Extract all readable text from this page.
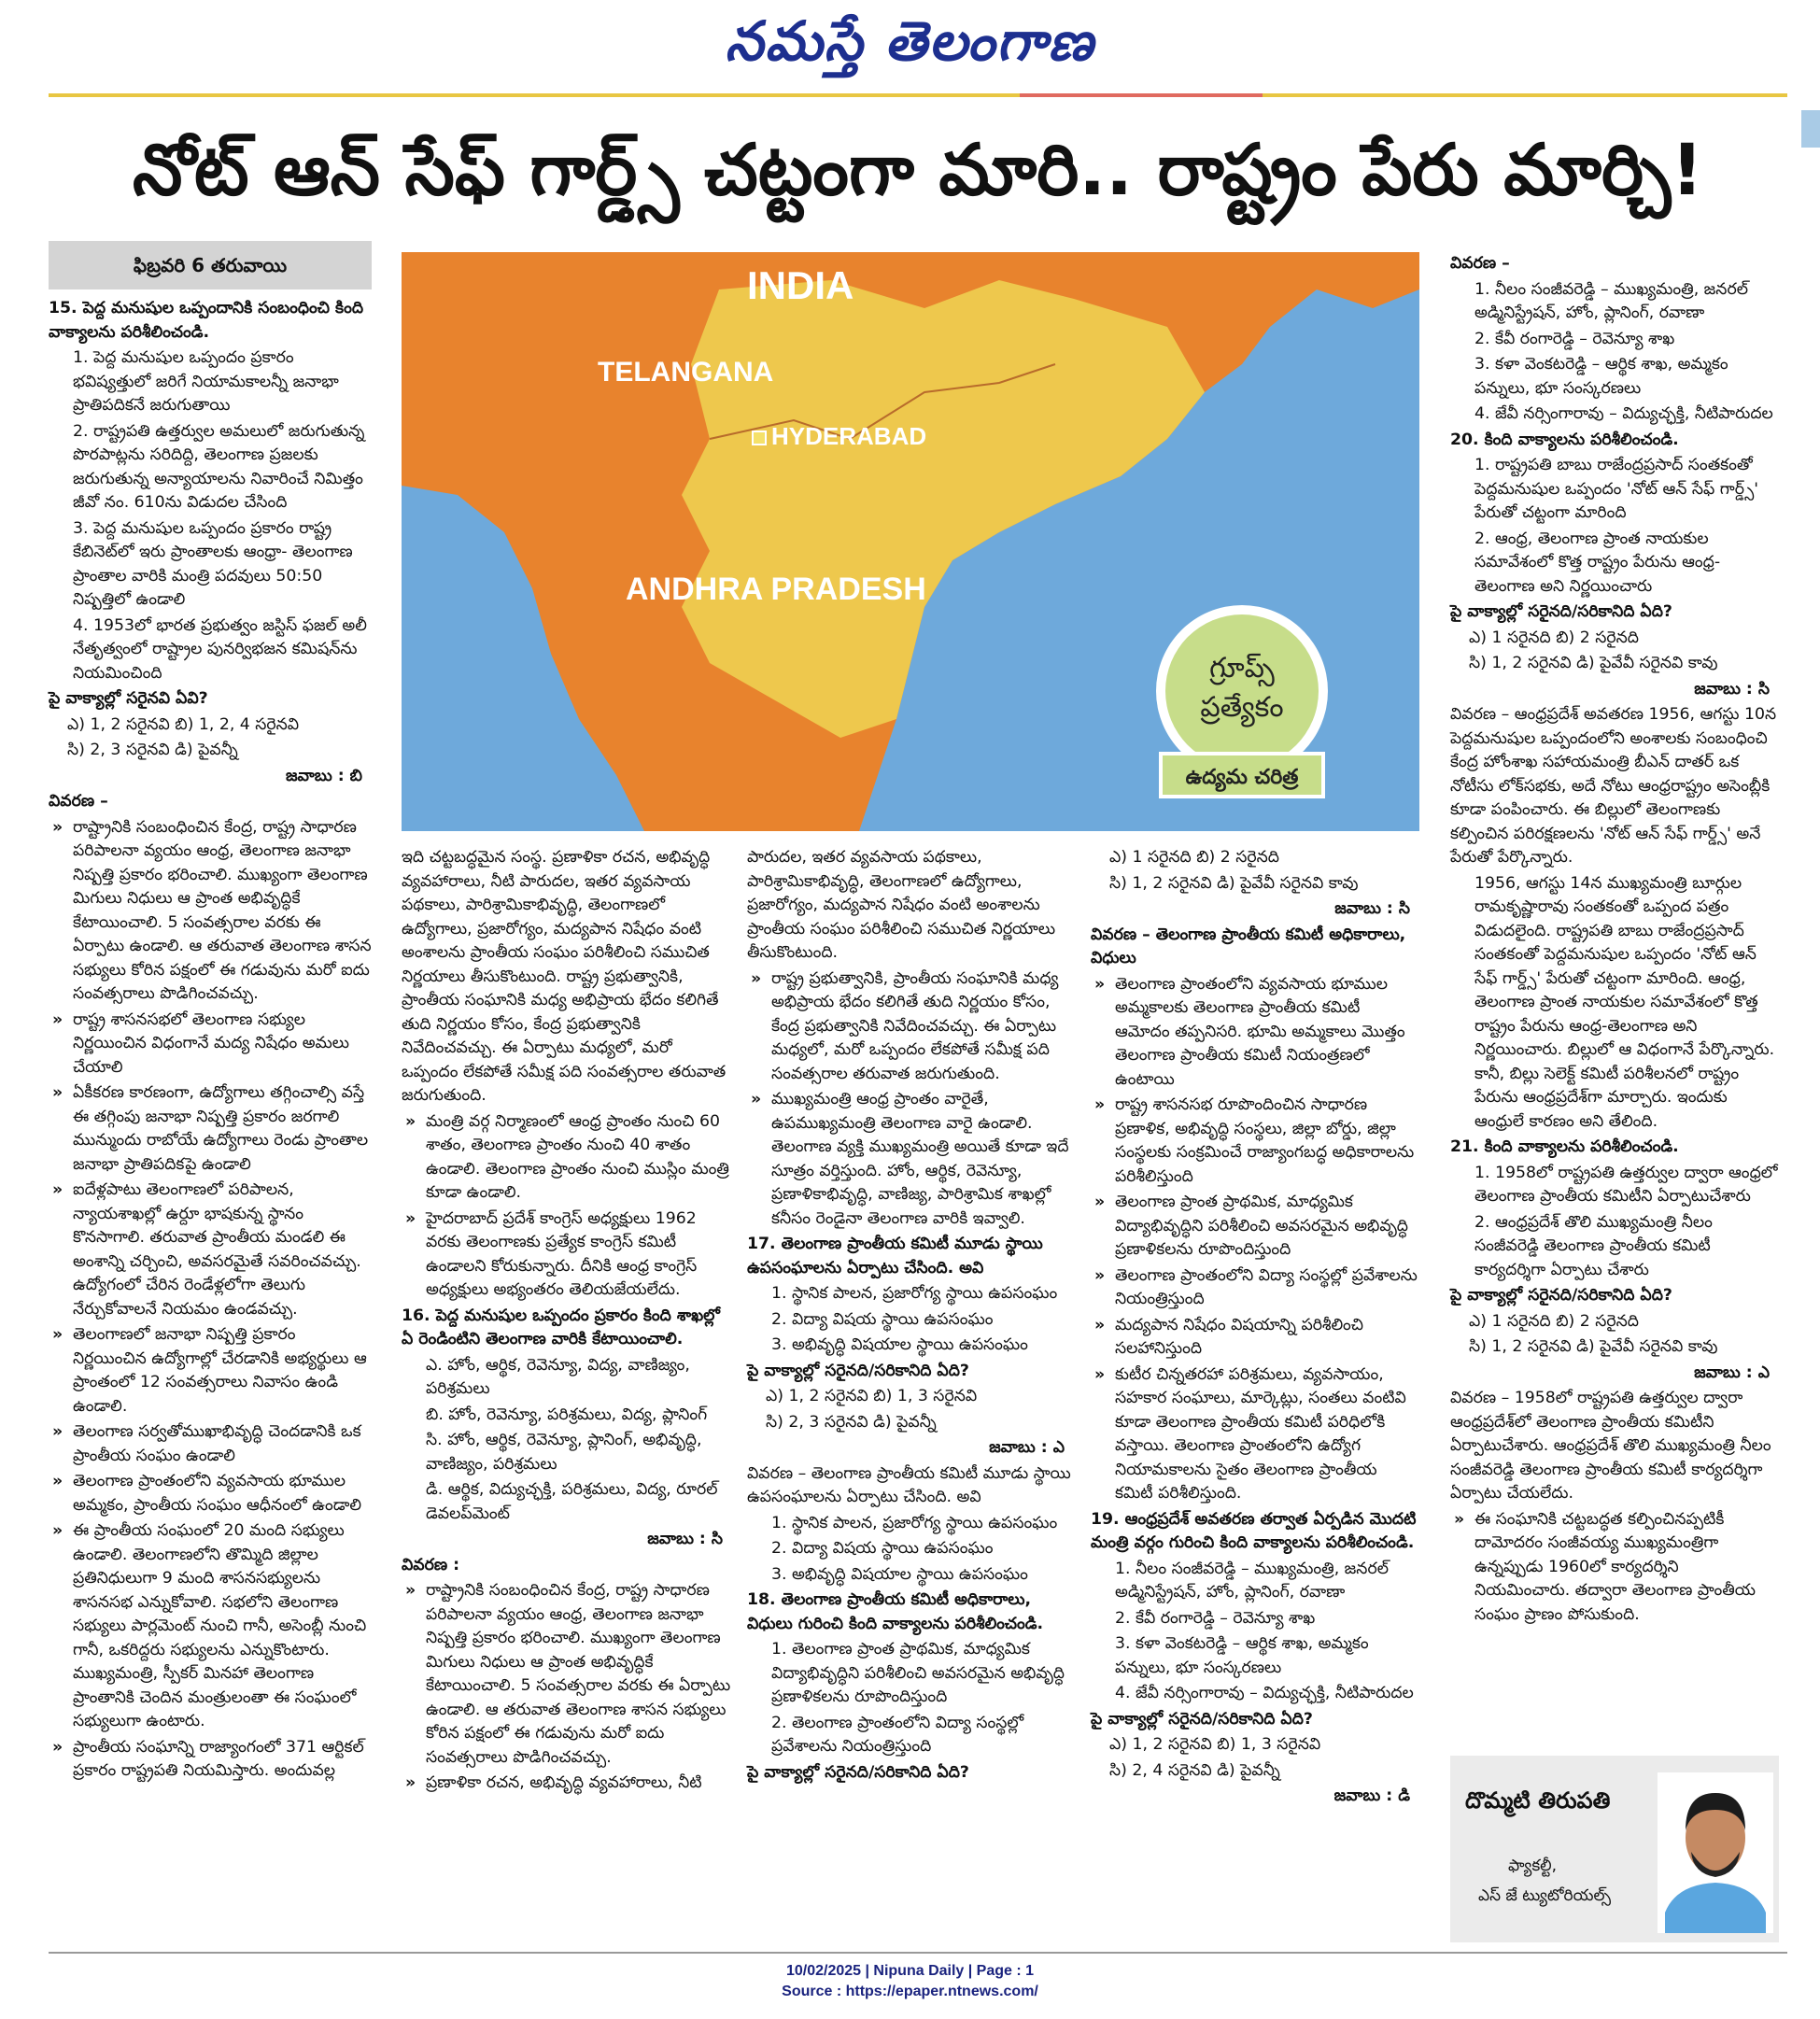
నమస్తే తెలంగాణ
నోట్ ఆన్ సేఫ్ గార్డ్స్ చట్టంగా మారి.. రాష్ట్రం పేరు మార్చి!
ఫిబ్రవరి 6 తరువాయి

15. పెద్ద మనుషుల ఒప్పందానికి సంబంధించి కింది వాక్యాలను పరిశీలించండి.

1. పెద్ద మనుషుల ఒప్పందం ప్రకారం భవిష్యత్తులో జరిగే నియామకాలన్నీ జనాభా ప్రాతిపదికనే జరుగుతాయి

2. రాష్ట్రపతి ఉత్తర్వుల అమలులో జరుగుతున్న పొరపాట్లను సరిదిద్ది, తెలంగాణ ప్రజలకు జరుగుతున్న అన్యాయాలను నివారించే నిమిత్తం జీవో నం. 610ను విడుదల చేసింది

3. పెద్ద మనుషుల ఒప్పందం ప్రకారం రాష్ట్ర కేబినెట్‌లో ఇరు ప్రాంతాలకు ఆంధ్రా- తెలంగాణ ప్రాంతాల వారికి మంత్రి పదవులు 50:50 నిష్పత్తిలో ఉండాలి

4. 1953లో భారత ప్రభుత్వం జస్టిస్ ఫజల్ అలీ నేతృత్వంలో రాష్ట్రాల పునర్విభజన కమిషన్‌ను నియమించింది

పై వాక్యాల్లో సరైనవి ఏవి?

ఎ) 1, 2 సరైనవి బి) 1, 2, 4 సరైనవి

సి) 2, 3 సరైనవి డి) పైవన్నీ

జవాబు : బి

వివరణ –

» రాష్ట్రానికి సంబంధించిన కేంద్ర, రాష్ట్ర సాధారణ పరిపాలనా వ్యయం ఆంధ్ర, తెలంగాణ జనాభా నిష్పత్తి ప్రకారం భరించాలి. ముఖ్యంగా తెలంగాణ మిగులు నిధులు ఆ ప్రాంత అభివృద్ధికే కేటాయించాలి. 5 సంవత్సరాల వరకు ఈ ఏర్పాటు ఉండాలి. ఆ తరువాత తెలంగాణ శాసన సభ్యులు కోరిన పక్షంలో ఈ గడువును మరో ఐదు సంవత్సరాలు పొడిగించవచ్చు.

» రాష్ట్ర శాసనసభలో తెలంగాణ సభ్యుల నిర్ణయించిన విధంగానే మద్య నిషేధం అమలు చేయాలి

» ఏకీకరణ కారణంగా, ఉద్యోగాలు తగ్గించాల్సి వస్తే ఈ తగ్గింపు జనాభా నిష్పత్తి ప్రకారం జరగాలి మున్ముందు రాబోయే ఉద్యోగాలు రెండు ప్రాంతాల జనాభా ప్రాతిపదికపై ఉండాలి

» ఐదేళ్లపాటు తెలంగాణలో పరిపాలన, న్యాయశాఖల్లో ఉర్దూ భాషకున్న స్థానం కొనసాగాలి. తరువాత ప్రాంతీయ మండలి ఈ అంశాన్ని చర్చించి, అవసరమైతే సవరించవచ్చు. ఉద్యోగంలో చేరిన రెండేళ్లలోగా తెలుగు నేర్చుకోవాలనే నియమం ఉండవచ్చు.

» తెలంగాణలో జనాభా నిష్పత్తి ప్రకారం నిర్ణయించిన ఉద్యోగాల్లో చేరడానికి అభ్యర్థులు ఆ ప్రాంతంలో 12 సంవత్సరాలు నివాసం ఉండి ఉండాలి.

» తెలంగాణ సర్వతోముఖాభివృద్ధి చెందడానికి ఒక ప్రాంతీయ సంఘం ఉండాలి

» తెలంగాణ ప్రాంతంలోని వ్యవసాయ భూముల అమ్మకం, ప్రాంతీయ సంఘం ఆధీనంలో ఉండాలి

» ఈ ప్రాంతీయ సంఘంలో 20 మంది సభ్యులు ఉండాలి. తెలంగాణలోని తొమ్మిది జిల్లాల ప్రతినిధులుగా 9 మంది శాసనసభ్యులను శాసనసభ ఎన్నుకోవాలి. సభలోని తెలంగాణ సభ్యులు పార్లమెంట్ నుంచి గానీ, అసెంబ్లీ నుంచి గానీ, ఒకరిద్దరు సభ్యులను ఎన్నుకొంటారు. ముఖ్యమంత్రి, స్పీకర్ మినహా తెలంగాణ ప్రాంతానికి చెందిన మంత్రులంతా ఈ సంఘంలో సభ్యులుగా ఉంటారు.

» ప్రాంతీయ సంఘాన్ని రాజ్యాంగంలో 371 ఆర్టికల్ ప్రకారం రాష్ట్రపతి నియమిస్తారు. అందువల్ల

INDIA
TELANGANA
HYDERABAD
ANDHRA PRADESH
గ్రూప్స్
ప్రత్యేకం
ఉద్యమ చరిత్ర

ఇది చట్టబద్ధమైన సంస్థ. ప్రణాళికా రచన, అభివృద్ధి వ్యవహారాలు, నీటి పారుదల, ఇతర వ్యవసాయ పథకాలు, పారిశ్రామికాభివృద్ధి, తెలంగాణలో ఉద్యోగాలు, ప్రజారోగ్యం, మద్యపాన నిషేధం వంటి అంశాలను ప్రాంతీయ సంఘం పరిశీలించి సముచిత నిర్ణయాలు తీసుకొంటుంది. రాష్ట్ర ప్రభుత్వానికి, ప్రాంతీయ సంఘానికి మధ్య అభిప్రాయ భేదం కలిగితే తుది నిర్ణయం కోసం, కేంద్ర ప్రభుత్వానికి నివేదించవచ్చు. ఈ ఏర్పాటు మధ్యలో, మరో ఒప్పందం లేకపోతే సమీక్ష పది సంవత్సరాల తరువాత జరుగుతుంది.

» మంత్రి వర్గ నిర్మాణంలో ఆంధ్ర ప్రాంతం నుంచి 60 శాతం, తెలంగాణ ప్రాంతం నుంచి 40 శాతం ఉండాలి. తెలంగాణ ప్రాంతం నుంచి ముస్లిం మంత్రి కూడా ఉండాలి.

» హైదరాబాద్ ప్రదేశ్ కాంగ్రెస్ అధ్యక్షులు 1962 వరకు తెలంగాణకు ప్రత్యేక కాంగ్రెస్ కమిటీ ఉండాలని కోరుకున్నారు. దీనికి ఆంధ్ర కాంగ్రెస్ అధ్యక్షులు అభ్యంతరం తెలియజేయలేదు.

16. పెద్ద మనుషుల ఒప్పందం ప్రకారం కింది శాఖల్లో ఏ రెండింటిని తెలంగాణ వారికి కేటాయించాలి.

ఎ. హోం, ఆర్థిక, రెవెన్యూ, విద్య, వాణిజ్యం, పరిశ్రమలు

బి. హోం, రెవెన్యూ, పరిశ్రమలు, విద్య, ప్లానింగ్

సి. హోం, ఆర్థిక, రెవెన్యూ, ప్లానింగ్, అభివృద్ధి, వాణిజ్యం, పరిశ్రమలు

డి. ఆర్థిక, విద్యుచ్ఛక్తి, పరిశ్రమలు, విద్య, రూరల్ డెవలప్‌మెంట్

జవాబు : సి

వివరణ :

» రాష్ట్రానికి సంబంధించిన కేంద్ర, రాష్ట్ర సాధారణ పరిపాలనా వ్యయం ఆంధ్ర, తెలంగాణ జనాభా నిష్పత్తి ప్రకారం భరించాలి. ముఖ్యంగా తెలంగాణ మిగులు నిధులు ఆ ప్రాంత అభివృద్ధికే కేటాయించాలి. 5 సంవత్సరాల వరకు ఈ ఏర్పాటు ఉండాలి. ఆ తరువాత తెలంగాణ శాసన సభ్యులు కోరిన పక్షంలో ఈ గడువును మరో ఐదు సంవత్సరాలు పొడిగించవచ్చు.

» ప్రణాళికా రచన, అభివృద్ధి వ్యవహారాలు, నీటి

పారుదల, ఇతర వ్యవసాయ పథకాలు, పారిశ్రామికాభివృద్ధి, తెలంగాణలో ఉద్యోగాలు, ప్రజారోగ్యం, మద్యపాన నిషేధం వంటి అంశాలను ప్రాంతీయ సంఘం పరిశీలించి సముచిత నిర్ణయాలు తీసుకొంటుంది.

» రాష్ట్ర ప్రభుత్వానికి, ప్రాంతీయ సంఘానికి మధ్య అభిప్రాయ భేదం కలిగితే తుది నిర్ణయం కోసం, కేంద్ర ప్రభుత్వానికి నివేదించవచ్చు. ఈ ఏర్పాటు మధ్యలో, మరో ఒప్పందం లేకపోతే సమీక్ష పది సంవత్సరాల తరువాత జరుగుతుంది.

» ముఖ్యమంత్రి ఆంధ్ర ప్రాంతం వారైతే, ఉపముఖ్యమంత్రి తెలంగాణ వారై ఉండాలి. తెలంగాణ వ్యక్తి ముఖ్యమంత్రి అయితే కూడా ఇదే సూత్రం వర్తిస్తుంది. హోం, ఆర్థిక, రెవెన్యూ, ప్రణాళికాభివృద్ధి, వాణిజ్య, పారిశ్రామిక శాఖల్లో కనీసం రెండైనా తెలంగాణ వారికి ఇవ్వాలి.

17. తెలంగాణ ప్రాంతీయ కమిటీ మూడు స్థాయి ఉపసంఘాలను ఏర్పాటు చేసింది. అవి

1. స్థానిక పాలన, ప్రజారోగ్య స్థాయి ఉపసంఘం

2. విద్యా విషయ స్థాయి ఉపసంఘం

3. అభివృద్ధి విషయాల స్థాయి ఉపసంఘం

పై వాక్యాల్లో సరైనది/సరికానిది ఏది?

ఎ) 1, 2 సరైనవి బి) 1, 3 సరైనవి

సి) 2, 3 సరైనవి డి) పైవన్నీ

జవాబు : ఎ

వివరణ – తెలంగాణ ప్రాంతీయ కమిటీ మూడు స్థాయి ఉపసంఘాలను ఏర్పాటు చేసింది. అవి

1. స్థానిక పాలన, ప్రజారోగ్య స్థాయి ఉపసంఘం

2. విద్యా విషయ స్థాయి ఉపసంఘం

3. అభివృద్ధి విషయాల స్థాయి ఉపసంఘం

18. తెలంగాణ ప్రాంతీయ కమిటీ అధికారాలు, విధులు గురించి కింది వాక్యాలను పరిశీలించండి.

1. తెలంగాణ ప్రాంత ప్రాథమిక, మాధ్యమిక విద్యాభివృద్ధిని పరిశీలించి అవసరమైన అభివృద్ధి ప్రణాళికలను రూపొందిస్తుంది

2. తెలంగాణ ప్రాంతంలోని విద్యా సంస్థల్లో ప్రవేశాలను నియంత్రిస్తుంది

పై వాక్యాల్లో సరైనది/సరికానిది ఏది?

ఎ) 1 సరైనది బి) 2 సరైనది

సి) 1, 2 సరైనవి డి) పైవేవీ సరైనవి కావు

జవాబు : సి

వివరణ – తెలంగాణ ప్రాంతీయ కమిటీ అధికారాలు, విధులు

» తెలంగాణ ప్రాంతంలోని వ్యవసాయ భూముల అమ్మకాలకు తెలంగాణ ప్రాంతీయ కమిటీ ఆమోదం తప్పనిసరి. భూమి అమ్మకాలు మొత్తం తెలంగాణ ప్రాంతీయ కమిటీ నియంత్రణలో ఉంటాయి

» రాష్ట్ర శాసనసభ రూపొందించిన సాధారణ ప్రణాళిక, అభివృద్ధి సంస్థలు, జిల్లా బోర్డు, జిల్లా సంస్థలకు సంక్రమించే రాజ్యాంగబద్ధ అధికారాలను పరిశీలిస్తుంది

» తెలంగాణ ప్రాంత ప్రాథమిక, మాధ్యమిక విద్యాభివృద్ధిని పరిశీలించి అవసరమైన అభివృద్ధి ప్రణాళికలను రూపొందిస్తుంది

» తెలంగాణ ప్రాంతంలోని విద్యా సంస్థల్లో ప్రవేశాలను నియంత్రిస్తుంది

» మద్యపాన నిషేధం విషయాన్ని పరిశీలించి సలహానిస్తుంది

» కుటీర చిన్నతరహా పరిశ్రమలు, వ్యవసాయం, సహకార సంఘాలు, మార్కెట్లు, సంతలు వంటివి కూడా తెలంగాణ ప్రాంతీయ కమిటీ పరిధిలోకి వస్తాయి. తెలంగాణ ప్రాంతంలోని ఉద్యోగ నియామకాలను సైతం తెలంగాణ ప్రాంతీయ కమిటీ పరిశీలిస్తుంది.

19. ఆంధ్రప్రదేశ్ అవతరణ తర్వాత ఏర్పడిన మొదటి మంత్రి వర్గం గురించి కింది వాక్యాలను పరిశీలించండి.

1. నీలం సంజీవరెడ్డి – ముఖ్యమంత్రి, జనరల్ అడ్మినిస్ట్రేషన్, హోం, ప్లానింగ్, రవాణా

2. కేవీ రంగారెడ్డి – రెవెన్యూ శాఖ

3. కళా వెంకటరెడ్డి – ఆర్థిక శాఖ, అమ్మకం పన్నులు, భూ సంస్కరణలు

4. జేవీ నర్సింగారావు – విద్యుచ్ఛక్తి, నీటిపారుదల

పై వాక్యాల్లో సరైనది/సరికానిది ఏది?

ఎ) 1, 2 సరైనవి బి) 1, 3 సరైనవి

సి) 2, 4 సరైనవి డి) పైవన్నీ

జవాబు : డి

వివరణ –

1. నీలం సంజీవరెడ్డి – ముఖ్యమంత్రి, జనరల్ అడ్మినిస్ట్రేషన్, హోం, ప్లానింగ్, రవాణా

2. కేవీ రంగారెడ్డి – రెవెన్యూ శాఖ

3. కళా వెంకటరెడ్డి – ఆర్థిక శాఖ, అమ్మకం పన్నులు, భూ సంస్కరణలు

4. జేవీ నర్సింగారావు – విద్యుచ్ఛక్తి, నీటిపారుదల

20. కింది వాక్యాలను పరిశీలించండి.

1. రాష్ట్రపతి బాబు రాజేంద్రప్రసాద్ సంతకంతో పెద్దమనుషుల ఒప్పందం 'నోట్ ఆన్ సేఫ్ గార్డ్స్' పేరుతో చట్టంగా మారింది

2. ఆంధ్ర, తెలంగాణ ప్రాంత నాయకుల సమావేశంలో కొత్త రాష్ట్రం పేరును ఆంధ్ర-తెలంగాణ అని నిర్ణయించారు

పై వాక్యాల్లో సరైనది/సరికానిది ఏది?

ఎ) 1 సరైనది బి) 2 సరైనది

సి) 1, 2 సరైనవి డి) పైవేవీ సరైనవి కావు

జవాబు : సి

వివరణ – ఆంధ్రప్రదేశ్ అవతరణ 1956, ఆగస్టు 10న పెద్దమనుషుల ఒప్పందంలోని అంశాలకు సంబంధించి కేంద్ర హోంశాఖ సహాయమంత్రి బీఎన్ దాతర్ ఒక నోటీసు లోక్‌సభకు, అదే నోటు ఆంధ్రరాష్ట్రం అసెంబ్లీకి కూడా పంపించారు. ఈ బిల్లులో తెలంగాణకు కల్పించిన పరిరక్షణలను 'నోట్ ఆన్ సేఫ్ గార్డ్స్' అనే పేరుతో పేర్కొన్నారు.

1956, ఆగస్టు 14న ముఖ్యమంత్రి బూర్గుల రామకృష్ణారావు సంతకంతో ఒప్పంద పత్రం విడుదలైంది. రాష్ట్రపతి బాబు రాజేంద్రప్రసాద్ సంతకంతో పెద్దమనుషుల ఒప్పందం 'నోట్ ఆన్ సేఫ్ గార్డ్స్' పేరుతో చట్టంగా మారింది. ఆంధ్ర, తెలంగాణ ప్రాంత నాయకుల సమావేశంలో కొత్త రాష్ట్రం పేరును ఆంధ్ర-తెలంగాణ అని నిర్ణయించారు. బిల్లులో ఆ విధంగానే పేర్కొన్నారు. కానీ, బిల్లు సెలెక్ట్ కమిటీ పరిశీలనలో రాష్ట్రం పేరును ఆంధ్రప్రదేశ్‌గా మార్చారు. ఇందుకు ఆంధ్రులే కారణం అని తేలింది.

21. కింది వాక్యాలను పరిశీలించండి.

1. 1958లో రాష్ట్రపతి ఉత్తర్వుల ద్వారా ఆంధ్రలో తెలంగాణ ప్రాంతీయ కమిటీని ఏర్పాటుచేశారు

2. ఆంధ్రప్రదేశ్ తొలి ముఖ్యమంత్రి నీలం సంజీవరెడ్డి తెలంగాణ ప్రాంతీయ కమిటీ కార్యదర్శిగా ఏర్పాటు చేశారు

పై వాక్యాల్లో సరైనది/సరికానిది ఏది?

ఎ) 1 సరైనది బి) 2 సరైనది

సి) 1, 2 సరైనవి డి) పైవేవీ సరైనవి కావు

జవాబు : ఎ

వివరణ – 1958లో రాష్ట్రపతి ఉత్తర్వుల ద్వారా ఆంధ్రప్రదేశ్‌లో తెలంగాణ ప్రాంతీయ కమిటీని ఏర్పాటుచేశారు. ఆంధ్రప్రదేశ్ తొలి ముఖ్యమంత్రి నీలం సంజీవరెడ్డి తెలంగాణ ప్రాంతీయ కమిటీ కార్యదర్శిగా ఏర్పాటు చేయలేదు.

» ఈ సంఘానికి చట్టబద్ధత కల్పించినప్పటికీ దామోదరం సంజీవయ్య ముఖ్యమంత్రిగా ఉన్నప్పుడు 1960లో కార్యదర్శిని నియమించారు. తద్వారా తెలంగాణ ప్రాంతీయ సంఘం ప్రాణం పోసుకుంది.

దొమ్మటి తిరుపతి
ఫ్యాకల్టీ,
ఎస్ జే ట్యుటోరియల్స్
10/02/2025 | Nipuna Daily | Page : 1
Source : https://epaper.ntnews.com/
